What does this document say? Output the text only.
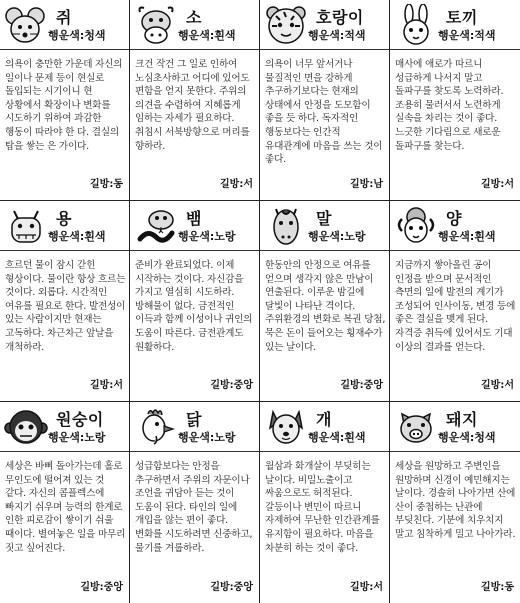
쥐
행운색:청색

의욕이 충만한 가운데 자신의 일이나 문제 등이 현실로 돌입되는 시기이니 현 상황에서 확장이나 변화를 시도하기 위하여 과감한 행동이 따라야 한 다. 결실의 탑을 쌓는 은 가이다.

길방:동
소
행운색:흰색

크건 작건 그 일로 인하여 노심초사하고 어디에 있어도 편함을 얻지 못한다. 주위의 의견을 수렴하여 지혜롭게 임하는 자세가 필요하다. 취침시 서북방향으로 머리를 향하라.

길방:서
호랑이
행운색:적색

의욕이 너무 앞서거나 물질적인 면을 강하게 추구하기보다는 현재의 상태에서 안정을 도모함이 좋을 듯 하다. 독자적인 행동보다는 인간적 유대관계에 마음을 쓰는 것이 좋다.

길방:남
토끼
행운색:적색

매사에 애로가 따르니 성급하게 나서지 말고 돌파구를 찾도록 노력하라. 조용히 물러서서 노련하게 실속을 차리는 것이 좋다. 느긋한 기다림으로 새로운 돌파구를 찾는다.

길방:서
용
행운색:흰색

흐르던 물이 잠시 갇힌 형상이다. 물이란 항상 흐르는 것이다. 외롭다. 시간적인 여유를 필요로 한다. 발전성이 있는 사람이지만 현재는 고독하다. 차근차근 앞날을 개척하라.

길방:서
뱀
행운색:노랑

준비가 완료되었다. 이제 시작하는 것이다. 자신감을 가지고 열심히 시도하라. 방해물이 없다. 금전적인 이득과 함께 이성이나 귀인의 도움이 따른다. 금전관계도 원활하다.

길방:중앙
말
행운색:노랑

한동안의 안정으로 여유를 얻으며 생각지 않은 만남이 연출된다. 이루운 밤길에 달빛이 나타난 격이다. 주위환경의 변화로 복권 당첨, 묵은 돈이 들어오는 횡재수가 있는 날이다.

길방:중앙
양
행운색:흰색

지금까지 쌓아올린 공이 인정을 받으며 문서적인 측면의 일에 발전의 계기가 조성되어 인사이동, 변경 등에 좋은 결실을 맺게 된다. 자격증 취득에 있어서도 기대 이상의 결과를 얻는다.

길방:서
원숭이
행운색:노랑

세상은 바삐 돌아가는데 홀로 무인도에 떨어져 있는 것 같다. 자신의 콤플렉스에 빠지기 쉬우며 능력의 한계로 인한 피로감이 쌓이기 쉬울 때이다. 별여놓은 일을 마무리 짓고 싶어진다.

길방:중앙
닭
행운색:노랑

성급함보다는 안정을 추구하면서 주위의 자문이나 조언을 귀담아 듣는 것이 도움이 된다. 타인의 일에 개입을 않는 편이 좋다. 변화를 시도하려면 신중하고, 물기를 겨룹하라.

길방:중앙
개
행운색:흰색

월삼과 화개살이 부딪히는 날이다. 비밀노출이고 싸움으로도 허적된다. 갈등이나 변민이 따르니 자제하여 무난한 인간관계를 유지함이 필요하다. 마음을 차분히 하는 것이 좋다.

길방:서
돼지
행운색:청색

세상을 원망하고 주변인을 원망하며 신경이 예민해지는 날이다. 경솔히 나아가면 산에 산이 중첩하는 난관에 부딪친다. 기분에 치우치지 말고 침착하게 밀고 나아가라.

길방:동
